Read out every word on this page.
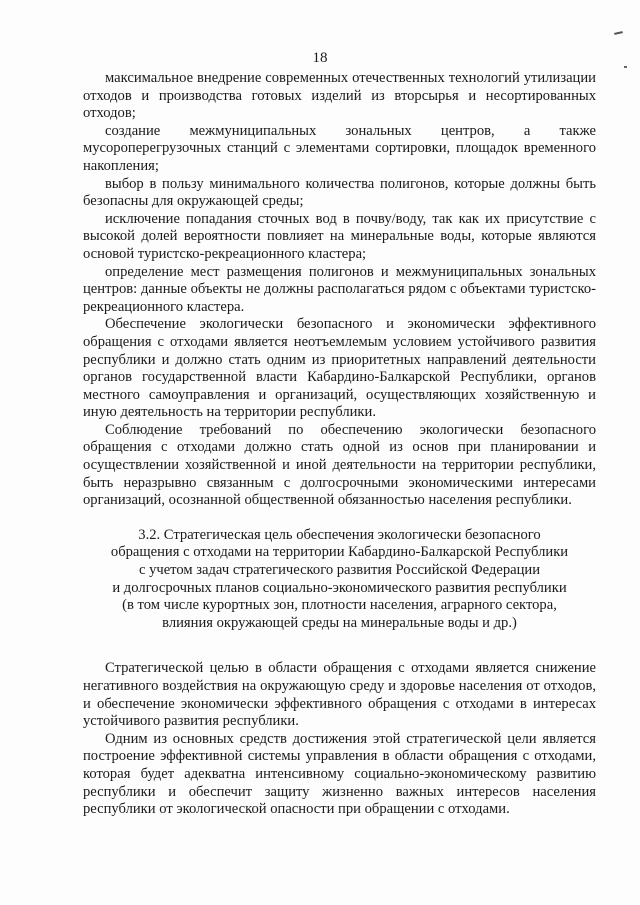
18

максимальное внедрение современных отечественных технологий утилизации отходов и производства готовых изделий из вторсырья и несортированных отходов;

создание межмуниципальных зональных центров, а также мусороперегрузочных станций с элементами сортировки, площадок временного накопления;

выбор в пользу минимального количества полигонов, которые должны быть безопасны для окружающей среды;

исключение попадания сточных вод в почву/воду, так как их присутствие с высокой долей вероятности повлияет на минеральные воды, которые являются основой туристско-рекреационного кластера;

определение мест размещения полигонов и межмуниципальных зональных центров: данные объекты не должны располагаться рядом с объектами туристско-рекреационного кластера.

Обеспечение экологически безопасного и экономически эффективного обращения с отходами является неотъемлемым условием устойчивого развития республики и должно стать одним из приоритетных направлений деятельности органов государственной власти Кабардино-Балкарской Республики, органов местного самоуправления и организаций, осуществляющих хозяйственную и иную деятельность на территории республики.

Соблюдение требований по обеспечению экологически безопасного обращения с отходами должно стать одной из основ при планировании и осуществлении хозяйственной и иной деятельности на территории республики, быть неразрывно связанным с долгосрочными экономическими интересами организаций, осознанной общественной обязанностью населения республики.

3.2. Стратегическая цель обеспечения экологически безопасного
обращения с отходами на территории Кабардино-Балкарской Республики
с учетом задач стратегического развития Российской Федерации
и долгосрочных планов социально-экономического развития республики
(в том числе курортных зон, плотности населения, аграрного сектора,
влияния окружающей среды на минеральные воды и др.)

Стратегической целью в области обращения с отходами является снижение негативного воздействия на окружающую среду и здоровье населения от отходов, и обеспечение экономически эффективного обращения с отходами в интересах устойчивого развития республики.

Одним из основных средств достижения этой стратегической цели является построение эффективной системы управления в области обращения с отходами, которая будет адекватна интенсивному социально-экономическому развитию республики и обеспечит защиту жизненно важных интересов населения республики от экологической опасности при обращении с отходами.
